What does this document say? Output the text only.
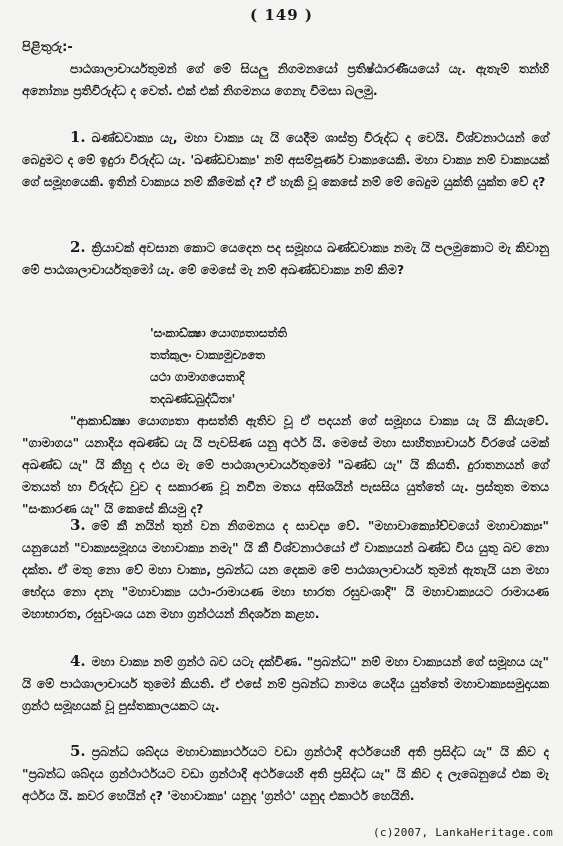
( 149 )
පිළිතුරු:-
පාඨශාලාචාර්යතුමන් ගේ මේ සියලු නිගමනයෝ ප්‍රතිෂ්ඨාරණීයයෝ යැ. ඇතැම් තන්හි අනෝන්‍ය ප්‍රතිවිරුද්ධ ද වෙත්. එක් එක් නිගමනය ගෙනැ විමසා බලමු.
1. ඛණ්ඩවාක්‍ය යැ, මහා වාක්‍ය යැ යි යෙදීම ශාස්ත්‍ර විරුද්ධ ද වෙයි. විශ්වනාථයන් ගේ බෙදුමට ද මේ ඉදුරා විරුද්ධ යැ. 'ඛණ්ඩවාක්‍ය' නම් අසම්පූර්ණ වාක්‍යයෙකි. මහා වාක්‍ය නම් වාක්‍යයක් ගේ සමූහයෙකි. ඉතින් වාක්‍යය නම් කීමෙක් ද? ඒ හැකි වූ කෙසේ නම් මේ බෙදුම යුක්ති යුක්ත වේ ද?
2. ක්‍රියාවක් අවසාන කොට යෙදෙන පද සමූහය ඛණ්ඩවාක්‍ය නමැ යි පලමුකොට මැ කිවානු මේ පාඨශාලාචාර්යතුමෝ යැ. මේ මෙසේ මැ නම් අඛණ්ඩවාක්‍ය නම් කිම?
'සංකාඩ්ක්‍ෂා යොග්‍යතාසත්ති
තත්කුලං වාක්‍යමුච්‍යතෙ
යථා ගාමාගයෙතාදි
තදඛණ්ඩබුද්ධිතඃ'
"ආකාඩ්ක්‍ෂා යොග්‍යතා ආසත්ති ඇතිව වූ ඒ පදයන් ගේ සමූහය වාක්‍ය යැ යි කියැවේ. "ගාමාගය" යනාදිය අඛණ්ඩ යැ යි පැවසිණ යනු අර්ථ යි. මෙසේ මහා සාහිත්‍යාචාර්ය විරශේ යමක් අඛණ්ඩ යැ" යි කීහු ද එය මැ මේ පාඨශාලාචාර්යතුමෝ "ඛණ්ඩ යැ" යි කියති. දුරාතනයන් ගේ මතයත් හා විරුද්ධ වුව ද සකාරණ වූ නවීන මතය අසිශයින් පැසසිය යුත්තේ යැ. ප්‍රස්තුත මතය "සංකාරණ යැ" යි කෙසේ කියමු ද?
3. මේ කී නයින් තුන් වන නිගමනය ද සාවද්‍ය වේ. "මහාවාක්‍යෝච්චයෝ මහාවාක්‍යඃ" යනුයෙන් "වාක්‍යසමූහය මහාවාක්‍ය නමැ" යි කී විශ්වනාථයෝ ඒ වාක්‍යයන් ඛණ්ඩ විය යුතු බව නො දක්ත. ඒ මතු නො වේ මහා වාක්‍ය, ප්‍රබන්ධ යන දෙකම මේ පාඨශාලාචාර්ය තුමන් ඇතැයි යන මහා භේදය නො දනැ "මහාවාක්‍ය යථා-රාමායණ මහා භාරත රඝුවංශාදි" යි මහාවාක්‍යයට රාමායණ මහාභාරත, රඝුවංශය යන මහා ග්‍රන්ථයන් නිදර්ශන කළහ.
4. මහා වාක්‍ය නම් ග්‍රන්ථ බව යටැ දක්විණ. "ප්‍රබන්ධ" නම් මහා වාක්‍යයන් ගේ සමූහය යැ" යි මේ පාඨශාලාචාර්ය තුමෝ කියති. ඒ එසේ නම් ප්‍රබන්ධ නාමය යෙදිය යුත්තේ මහාවාක්‍යසමුදායක ග්‍රන්ථ සමූහයක් වූ පුස්තකාලයකට යැ.
5. ප්‍රබන්ධ ශබ්දය මහාවාක්‍යාර්ථයට වඩා ග්‍රන්ථාදි අර්ථයෙහි අති ප්‍රසිද්ධ යැ" යි කිව ද "ප්‍රබන්ධ ශබ්දය ග්‍රන්ථාර්ථයට වඩා ග්‍රන්ථාදි අර්ථයෙහි අති ප්‍රසිද්ධ යැ" යි කිව ද ලැබෙනුයේ එක මැ අර්ථය යි. කවර හෙයින් ද? 'මහාවාක්‍ය' යනුද 'ග්‍රන්ථ' යනුද එකාර්ථ හෙයිනි.
(c)2007, LankaHeritage.com
